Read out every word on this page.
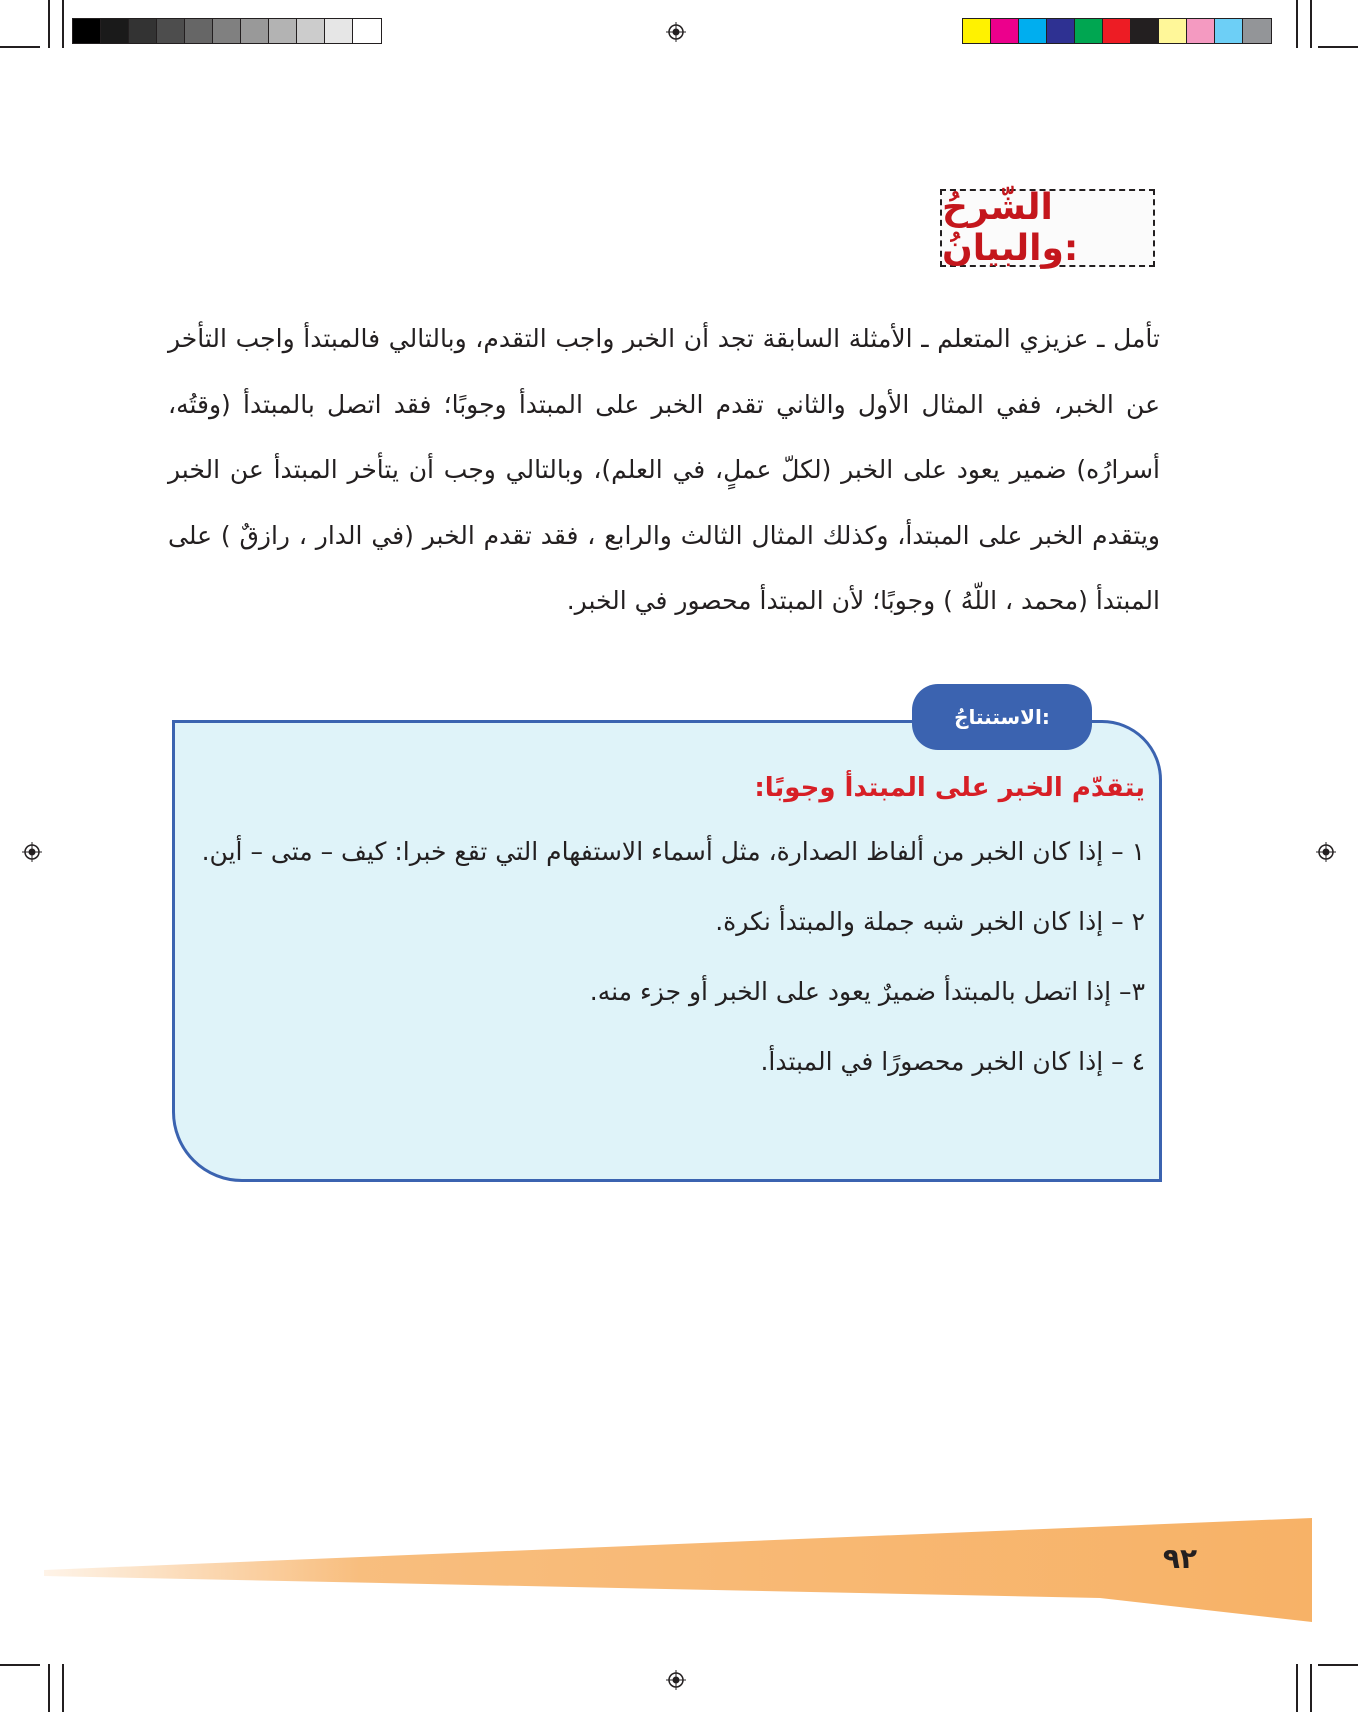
الشّرحُ والبيانُ:

تأمل ـ عزيزي المتعلم ـ الأمثلة السابقة تجد أن الخبر واجب التقدم، وبالتالي فالمبتدأ واجب التأخر عن الخبر، ففي المثال الأول والثاني تقدم الخبر على المبتدأ وجوبًا؛ فقد اتصل بالمبتدأ (وقتُه، أسرارُه) ضمير يعود على الخبر (لكلّ عملٍ، في العلم)، وبالتالي وجب أن يتأخر المبتدأ عن الخبر ويتقدم الخبر على المبتدأ، وكذلك المثال الثالث والرابع ، فقد تقدم الخبر (في الدار ، رازقٌ ) على المبتدأ (محمد ، اللّهُ ) وجوبًا؛ لأن المبتدأ محصور في الخبر.

الاستنتاجُ:
يتقدّم الخبر على المبتدأ وجوبًا:
١ – إذا كان الخبر من ألفاظ الصدارة، مثل أسماء الاستفهام التي تقع خبرا: كيف – متى – أين.
٢ – إذا كان الخبر شبه جملة والمبتدأ نكرة.
٣– إذا اتصل بالمبتدأ ضميرٌ يعود على الخبر أو جزء منه.
٤ – إذا كان الخبر محصورًا في المبتدأ.
٩٢
